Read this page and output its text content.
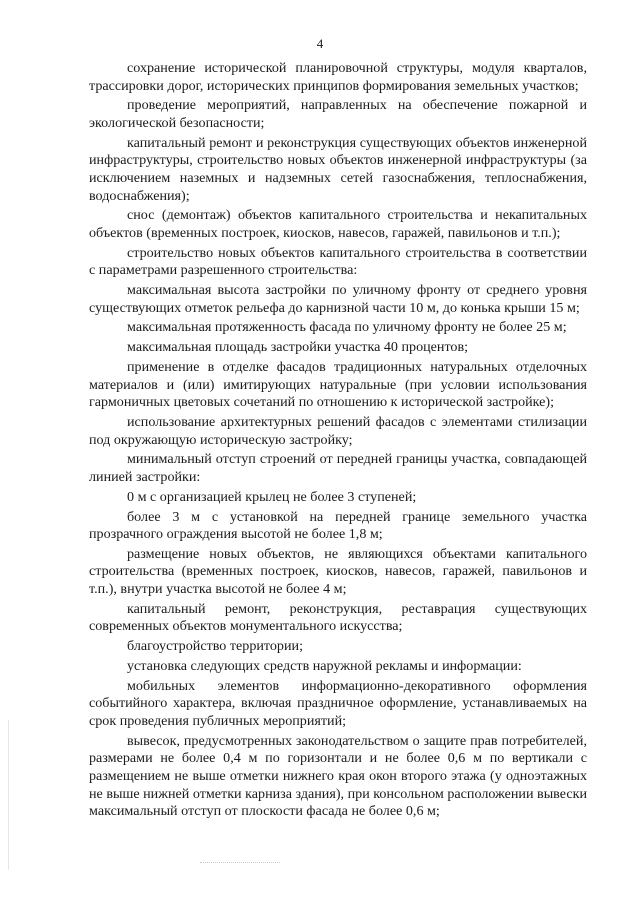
4

сохранение исторической планировочной структуры, модуля кварталов, трассировки дорог, исторических принципов формирования земельных участков;

проведение мероприятий, направленных на обеспечение пожарной и экологической безопасности;

капитальный ремонт и реконструкция существующих объектов инженерной инфраструктуры, строительство новых объектов инженерной инфраструктуры (за исключением наземных и надземных сетей газоснабжения, теплоснабжения, водоснабжения);

снос (демонтаж) объектов капитального строительства и некапитальных объектов (временных построек, киосков, навесов, гаражей, павильонов и т.п.);

строительство новых объектов капитального строительства в соответствии с параметрами разрешенного строительства:

максимальная высота застройки по уличному фронту от среднего уровня существующих отметок рельефа до карнизной части 10 м, до конька крыши 15 м;

максимальная протяженность фасада по уличному фронту не более 25 м;

максимальная площадь застройки участка 40 процентов;

применение в отделке фасадов традиционных натуральных отделочных материалов и (или) имитирующих натуральные (при условии использования гармоничных цветовых сочетаний по отношению к исторической застройке);

использование архитектурных решений фасадов с элементами стилизации под окружающую историческую застройку;

минимальный отступ строений от передней границы участка, совпадающей линией застройки:

0 м с организацией крылец не более 3 ступеней;

более 3 м с установкой на передней границе земельного участка прозрачного ограждения высотой не более 1,8 м;

размещение новых объектов, не являющихся объектами капитального строительства (временных построек, киосков, навесов, гаражей, павильонов и т.п.), внутри участка высотой не более 4 м;

капитальный ремонт, реконструкция, реставрация существующих современных объектов монументального искусства;

благоустройство территории;

установка следующих средств наружной рекламы и информации:

мобильных элементов информационно-декоративного оформления событийного характера, включая праздничное оформление, устанавливаемых на срок проведения публичных мероприятий;

вывесок, предусмотренных законодательством о защите прав потребителей, размерами не более 0,4 м по горизонтали и не более 0,6 м по вертикали с размещением не выше отметки нижнего края окон второго этажа (у одноэтажных не выше нижней отметки карниза здания), при консольном расположении вывески максимальный отступ от плоскости фасада не более 0,6 м;
